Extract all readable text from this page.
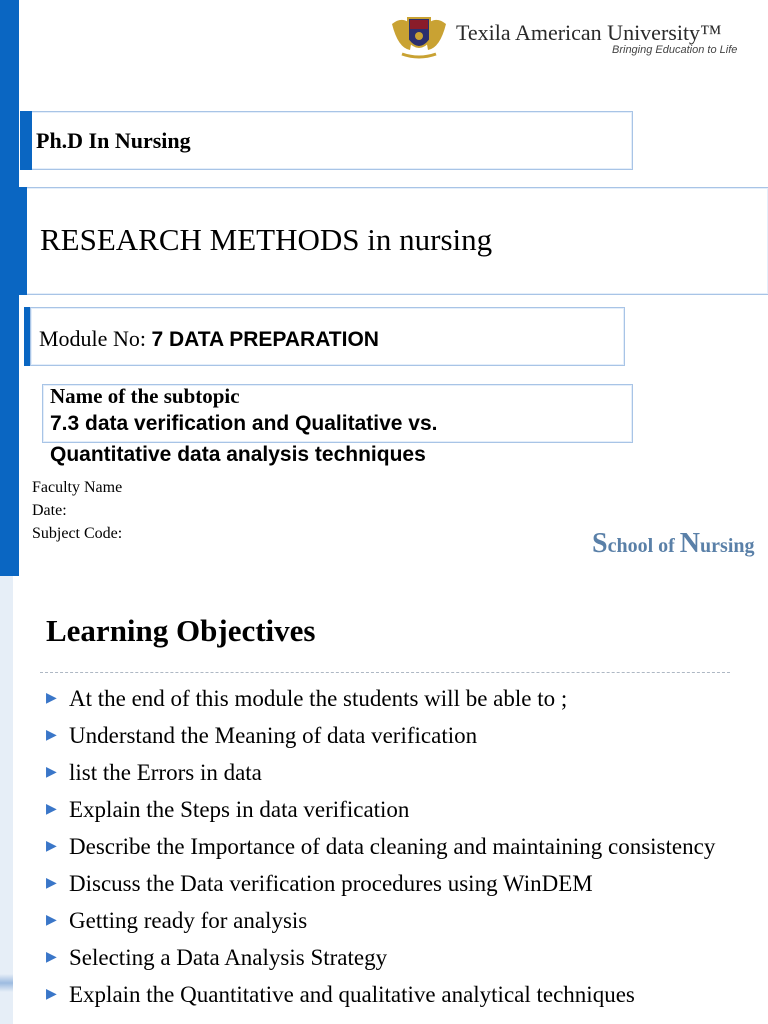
Texila American University™
Bringing Education to Life
Ph.D In Nursing
RESEARCH METHODS in nursing
Module No: 7 DATA PREPARATION
Name of the subtopic
7.3 data verification and Qualitative vs.
Quantitative data analysis techniques
Faculty Name
Date:
Subject Code:	School of Nursing
Learning Objectives
▶ At the end of this module the students will be able to ;
▶ Understand the Meaning of data verification
▶ list the Errors in data
▶ Explain the Steps in data verification
▶ Describe the Importance of data cleaning and maintaining consistency
▶ Discuss the Data verification procedures using WinDEM
▶ Getting ready for analysis
▶ Selecting a Data Analysis Strategy
▶ Explain the Quantitative and qualitative analytical techniques
